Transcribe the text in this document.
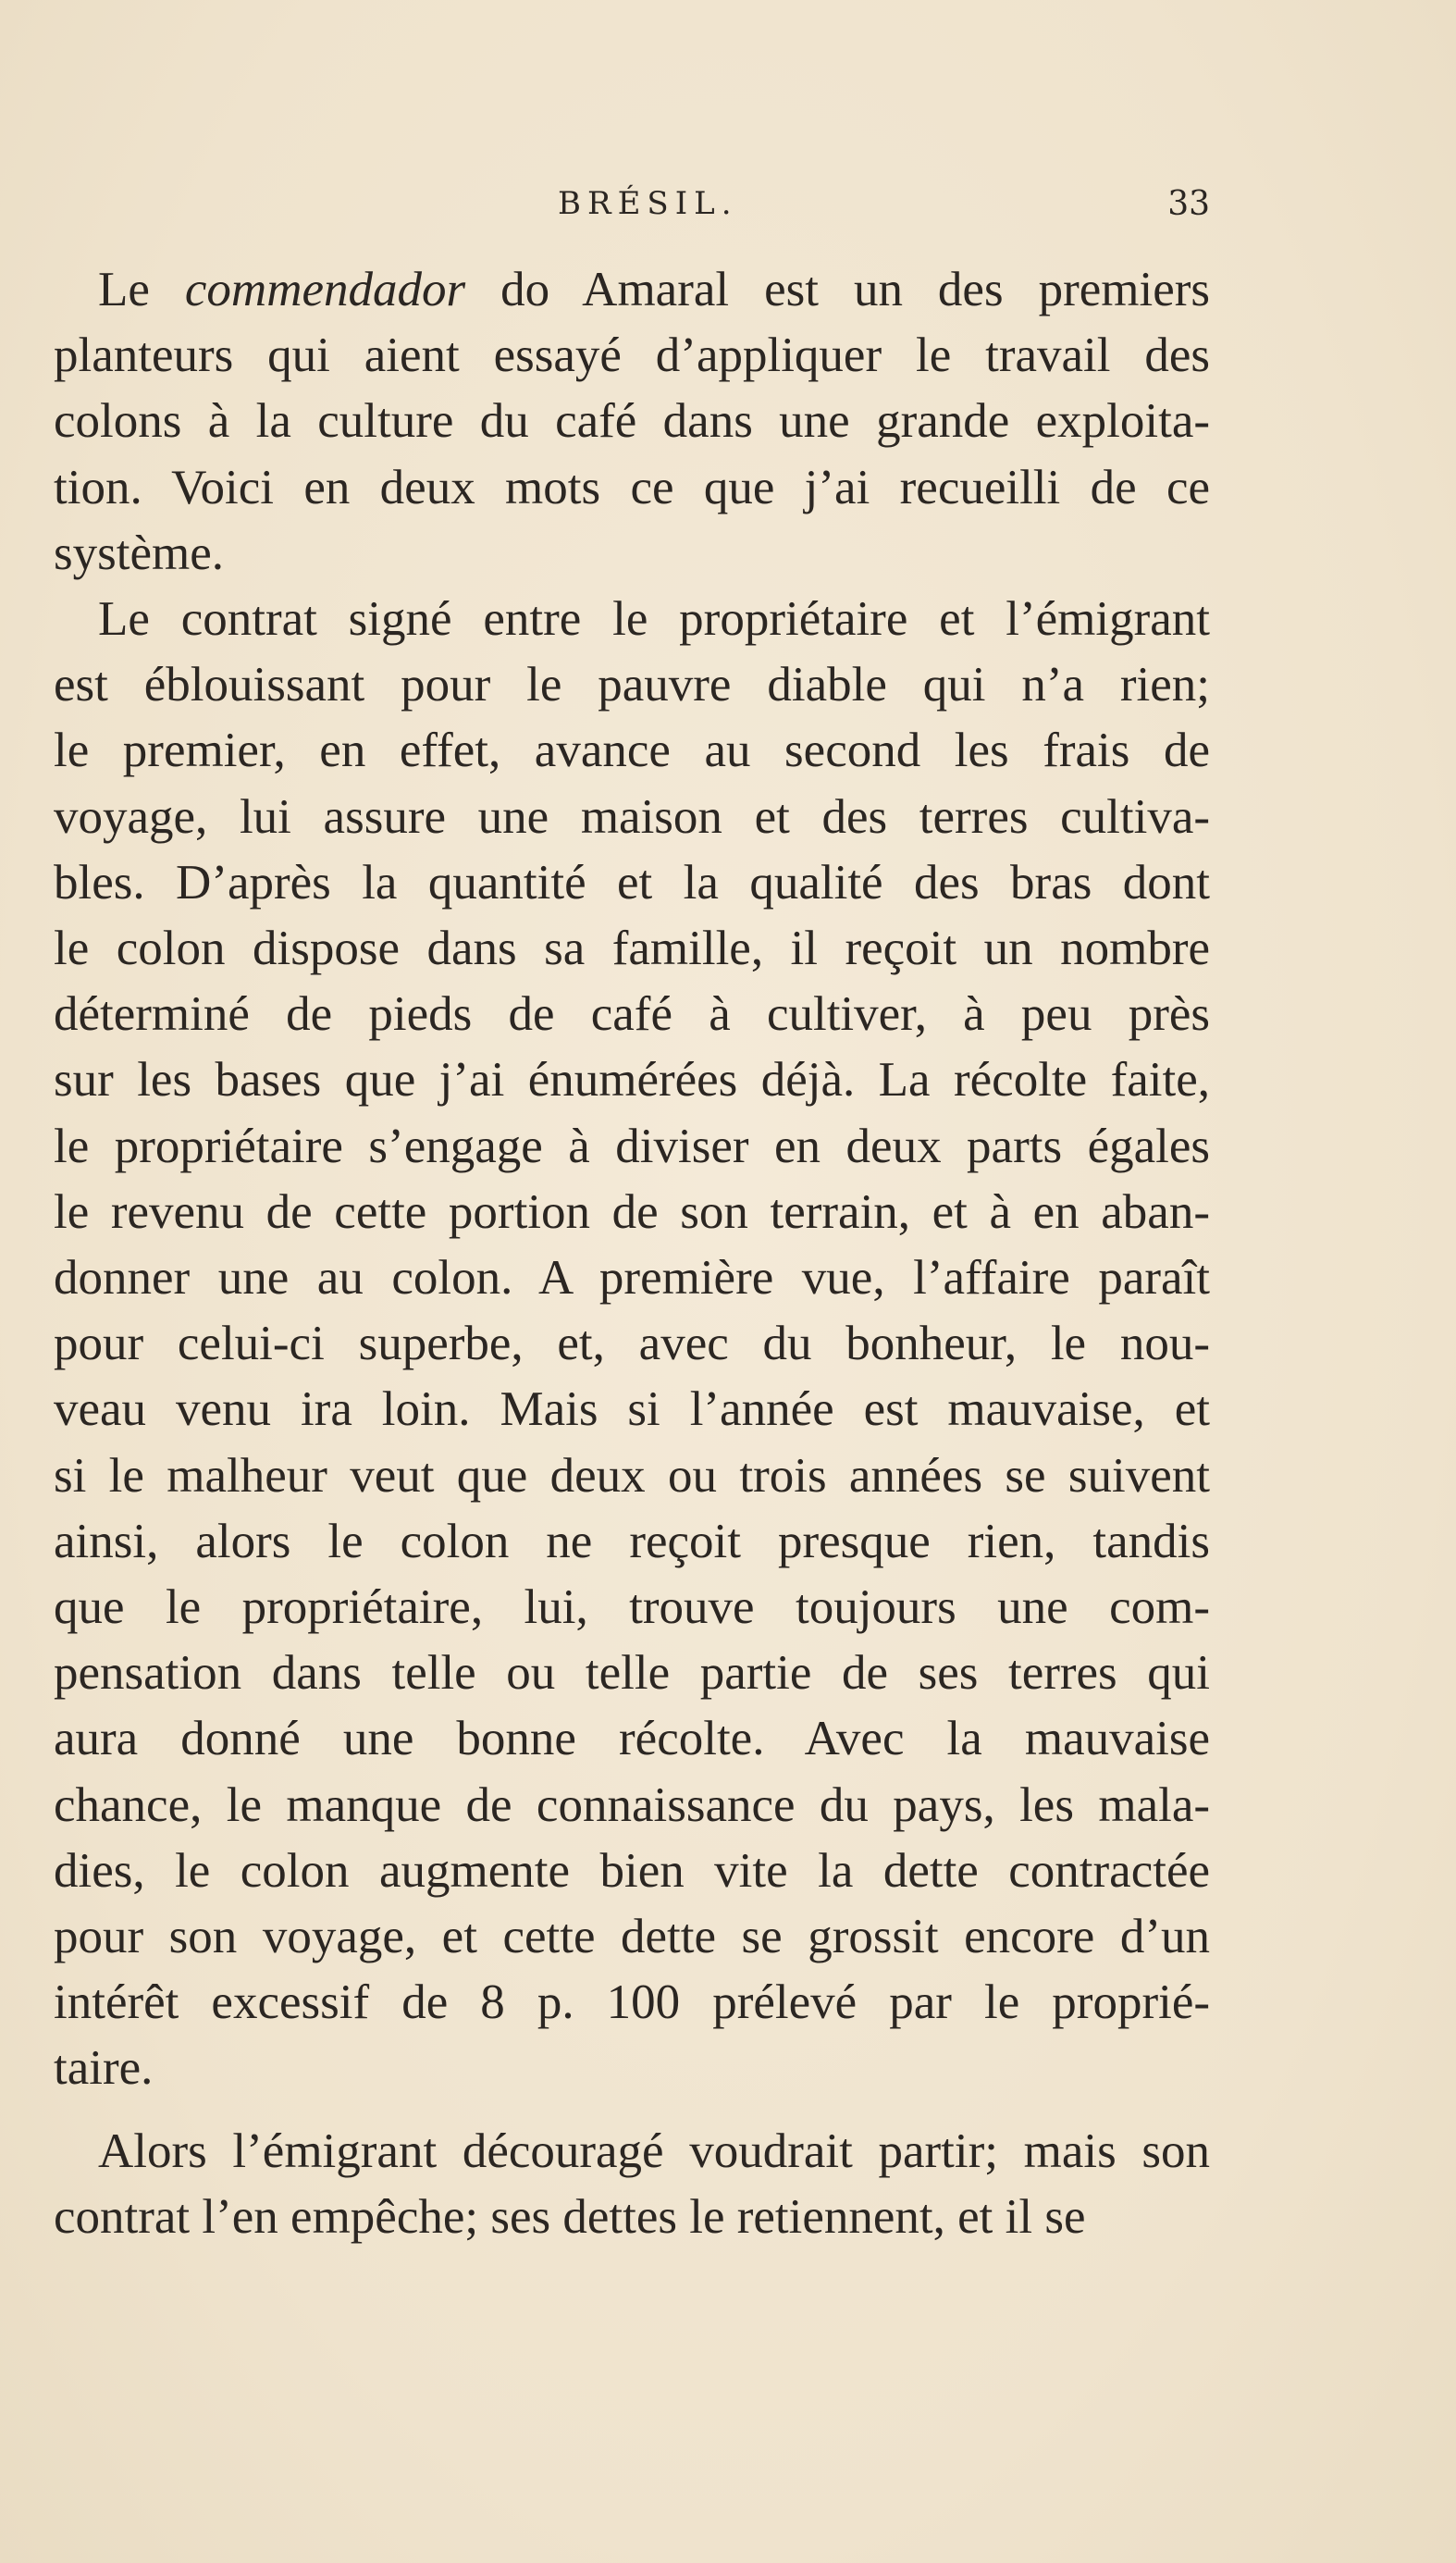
BRÉSIL.	33
Le commendador do Amaral est un des premiers
planteurs qui aient essayé d’appliquer le travail des
colons à la culture du café dans une grande exploita-
tion. Voici en deux mots ce que j’ai recueilli de ce
système.
Le contrat signé entre le propriétaire et l’émigrant
est éblouissant pour le pauvre diable qui n’a rien;
le premier, en effet, avance au second les frais de
voyage, lui assure une maison et des terres cultiva-
bles. D’après la quantité et la qualité des bras dont
le colon dispose dans sa famille, il reçoit un nombre
déterminé de pieds de café à cultiver, à peu près
sur les bases que j’ai énumérées déjà. La récolte faite,
le propriétaire s’engage à diviser en deux parts égales
le revenu de cette portion de son terrain, et à en aban-
donner une au colon. A première vue, l’affaire paraît
pour celui-ci superbe, et, avec du bonheur, le nou-
veau venu ira loin. Mais si l’année est mauvaise, et
si le malheur veut que deux ou trois années se suivent
ainsi, alors le colon ne reçoit presque rien, tandis
que le propriétaire, lui, trouve toujours une com-
pensation dans telle ou telle partie de ses terres qui
aura donné une bonne récolte. Avec la mauvaise
chance, le manque de connaissance du pays, les mala-
dies, le colon augmente bien vite la dette contractée
pour son voyage, et cette dette se grossit encore d’un
intérêt excessif de 8 p. 100 prélevé par le proprié-
taire.
Alors l’émigrant découragé voudrait partir; mais son
contrat l’en empêche; ses dettes le retiennent, et il se
